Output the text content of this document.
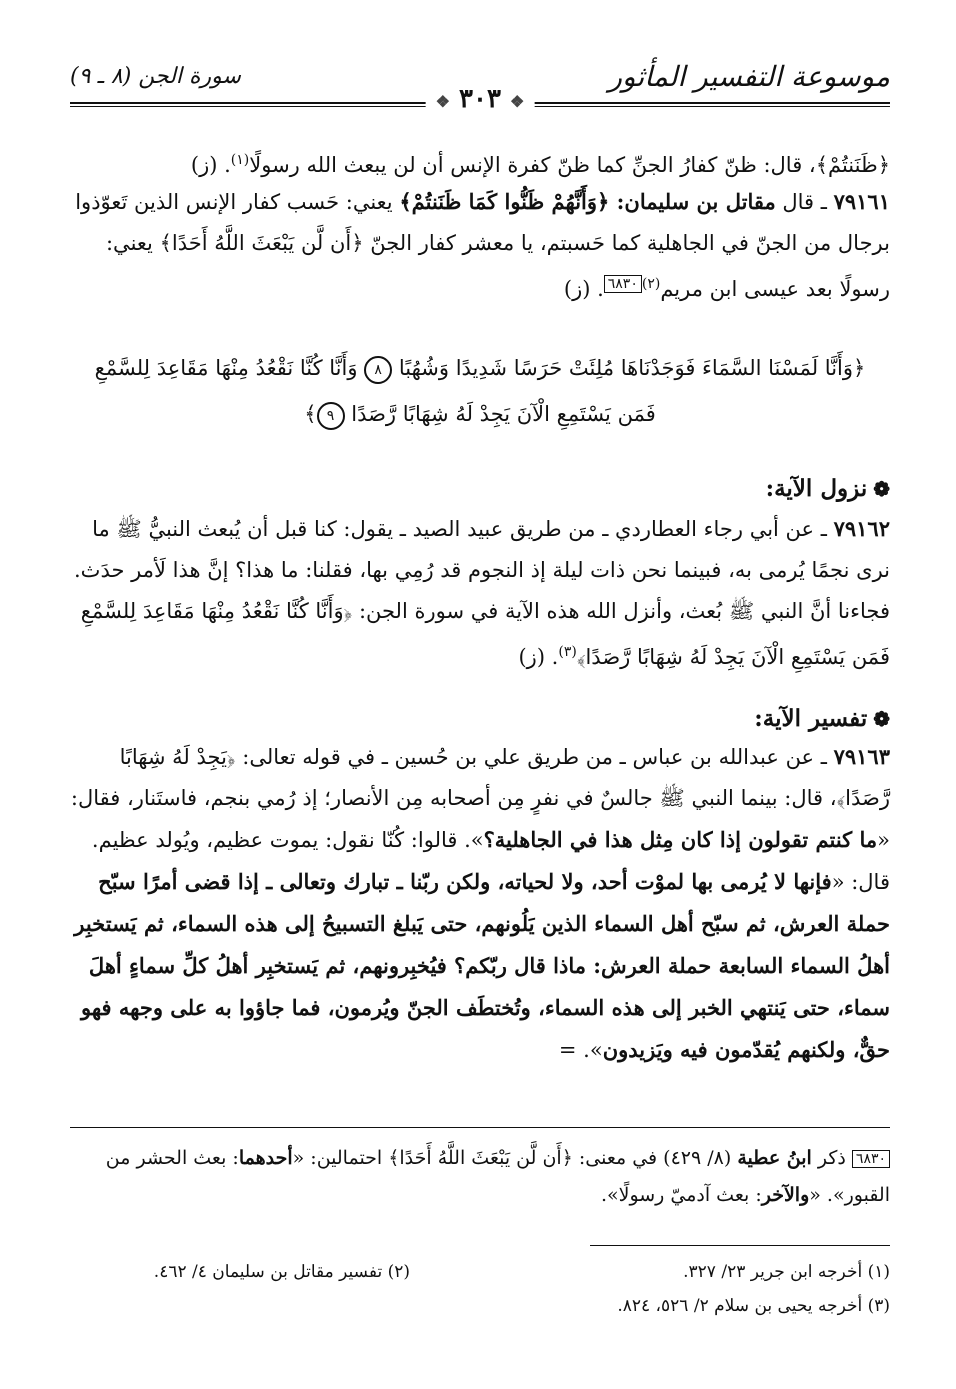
موسوعة التفسير المأثور
سورة الجن (٨ ـ ٩)
❖ ٣٠٣ ❖
﴿ظَنَنتُمْ﴾، قال: ظنّ كفارُ الجنِّ كما ظنّ كفرة الإنس أن لن يبعث الله رسولًا$^{(١)}$. (ز)
٧٩١٦١ ـ قال مقاتل بن سليمان: ﴿وَأَنَّهُمْ ظَنُّوا كَمَا ظَنَنتُمْ﴾ يعني: حَسب كفار الإنس الذين تَعوّذوا برجال من الجنّ في الجاهلية كما حَسبتم، يا معشر كفار الجنّ ﴿أَن لَّن يَبْعَثَ اللَّهُ أَحَدًا﴾ يعني: رسولًا بعد عيسى ابن مريم$^{(٢)}$٦٨٣٠. (ز)
﴿وَأَنَّا لَمَسْنَا السَّمَاءَ فَوَجَدْنَاهَا مُلِئَتْ حَرَسًا شَدِيدًا وَشُهُبًا ٨ وَأَنَّا كُنَّا نَقْعُدُ مِنْهَا مَقَاعِدَ لِلسَّمْعِ
فَمَن يَسْتَمِعِ الْآنَ يَجِدْ لَهُ شِهَابًا رَّصَدًا ٩﴾
❁نزول الآية:
٧٩١٦٢ ـ عن أبي رجاء العطاردي ـ من طريق عبيد الصيد ـ يقول: كنا قبل أن يُبعث النبيُّ ﷺ ما نرى نجمًا يُرمى به، فبينما نحن ذات ليلة إذ النجوم قد رُمِي بها، فقلنا: ما هذا؟ إنَّ هذا لَأمر حدَث. فجاءنا أنَّ النبي ﷺ بُعث، وأنزل الله هذه الآية في سورة الجن: ﴿وَأَنَّا كُنَّا نَقْعُدُ مِنْهَا مَقَاعِدَ لِلسَّمْعِ فَمَن يَسْتَمِعِ الْآنَ يَجِدْ لَهُ شِهَابًا رَّصَدًا﴾$^{(٣)}$. (ز)
❁تفسير الآية:
٧٩١٦٣ ـ عن عبدالله بن عباس ـ من طريق علي بن حُسين ـ في قوله تعالى: ﴿يَجِدْ لَهُ شِهَابًا رَّصَدًا﴾، قال: بينما النبي ﷺ جالسٌ في نفرٍ مِن أصحابه مِن الأنصار؛ إذ رُمي بنجم، فاستَنار، فقال: «ما كنتم تقولون إذا كان مِثل هذا في الجاهلية؟». قالوا: كُنّا نقول: يموت عظيم، ويُولد عظيم. قال: «فإنها لا يُرمى بها لموْت أحد، ولا لحياته، ولكن ربّنا ـ تبارك وتعالى ـ إذا قضى أمرًا سبّح حملة العرش، ثم سبّح أهل السماء الذين يَلُونهم، حتى يَبلغ التسبيحُ إلى هذه السماء، ثم يَستخبِر أهلُ السماء السابعة حملة العرش: ماذا قال ربّكم؟ فيُخبِرونهم، ثم يَستخبِر أهلُ كلِّ سماءٍ أهلَ سماء، حتى يَنتهي الخبر إلى هذه السماء، وتُختطَف الجنّ ويُرمون، فما جاؤوا به على وجهه فهو حقٌّ، ولكنهم يُقدّمون فيه ويَزيدون». =
٦٨٣٠ ذكر ابنُ عطية (٨/ ٤٢٩) في معنى: ﴿أَن لَّن يَبْعَثَ اللَّهُ أَحَدًا﴾ احتمالين: «أحدهما: بعث الحشر من القبور». «والآخر: بعث آدميّ رسولًا».
(١) أخرجه ابن جرير ٢٣/ ٣٢٧.
(٢) تفسير مقاتل بن سليمان ٤/ ٤٦٢.
(٣) أخرجه يحيى بن سلام ٢/ ٥٢٦، ٨٢٤.
